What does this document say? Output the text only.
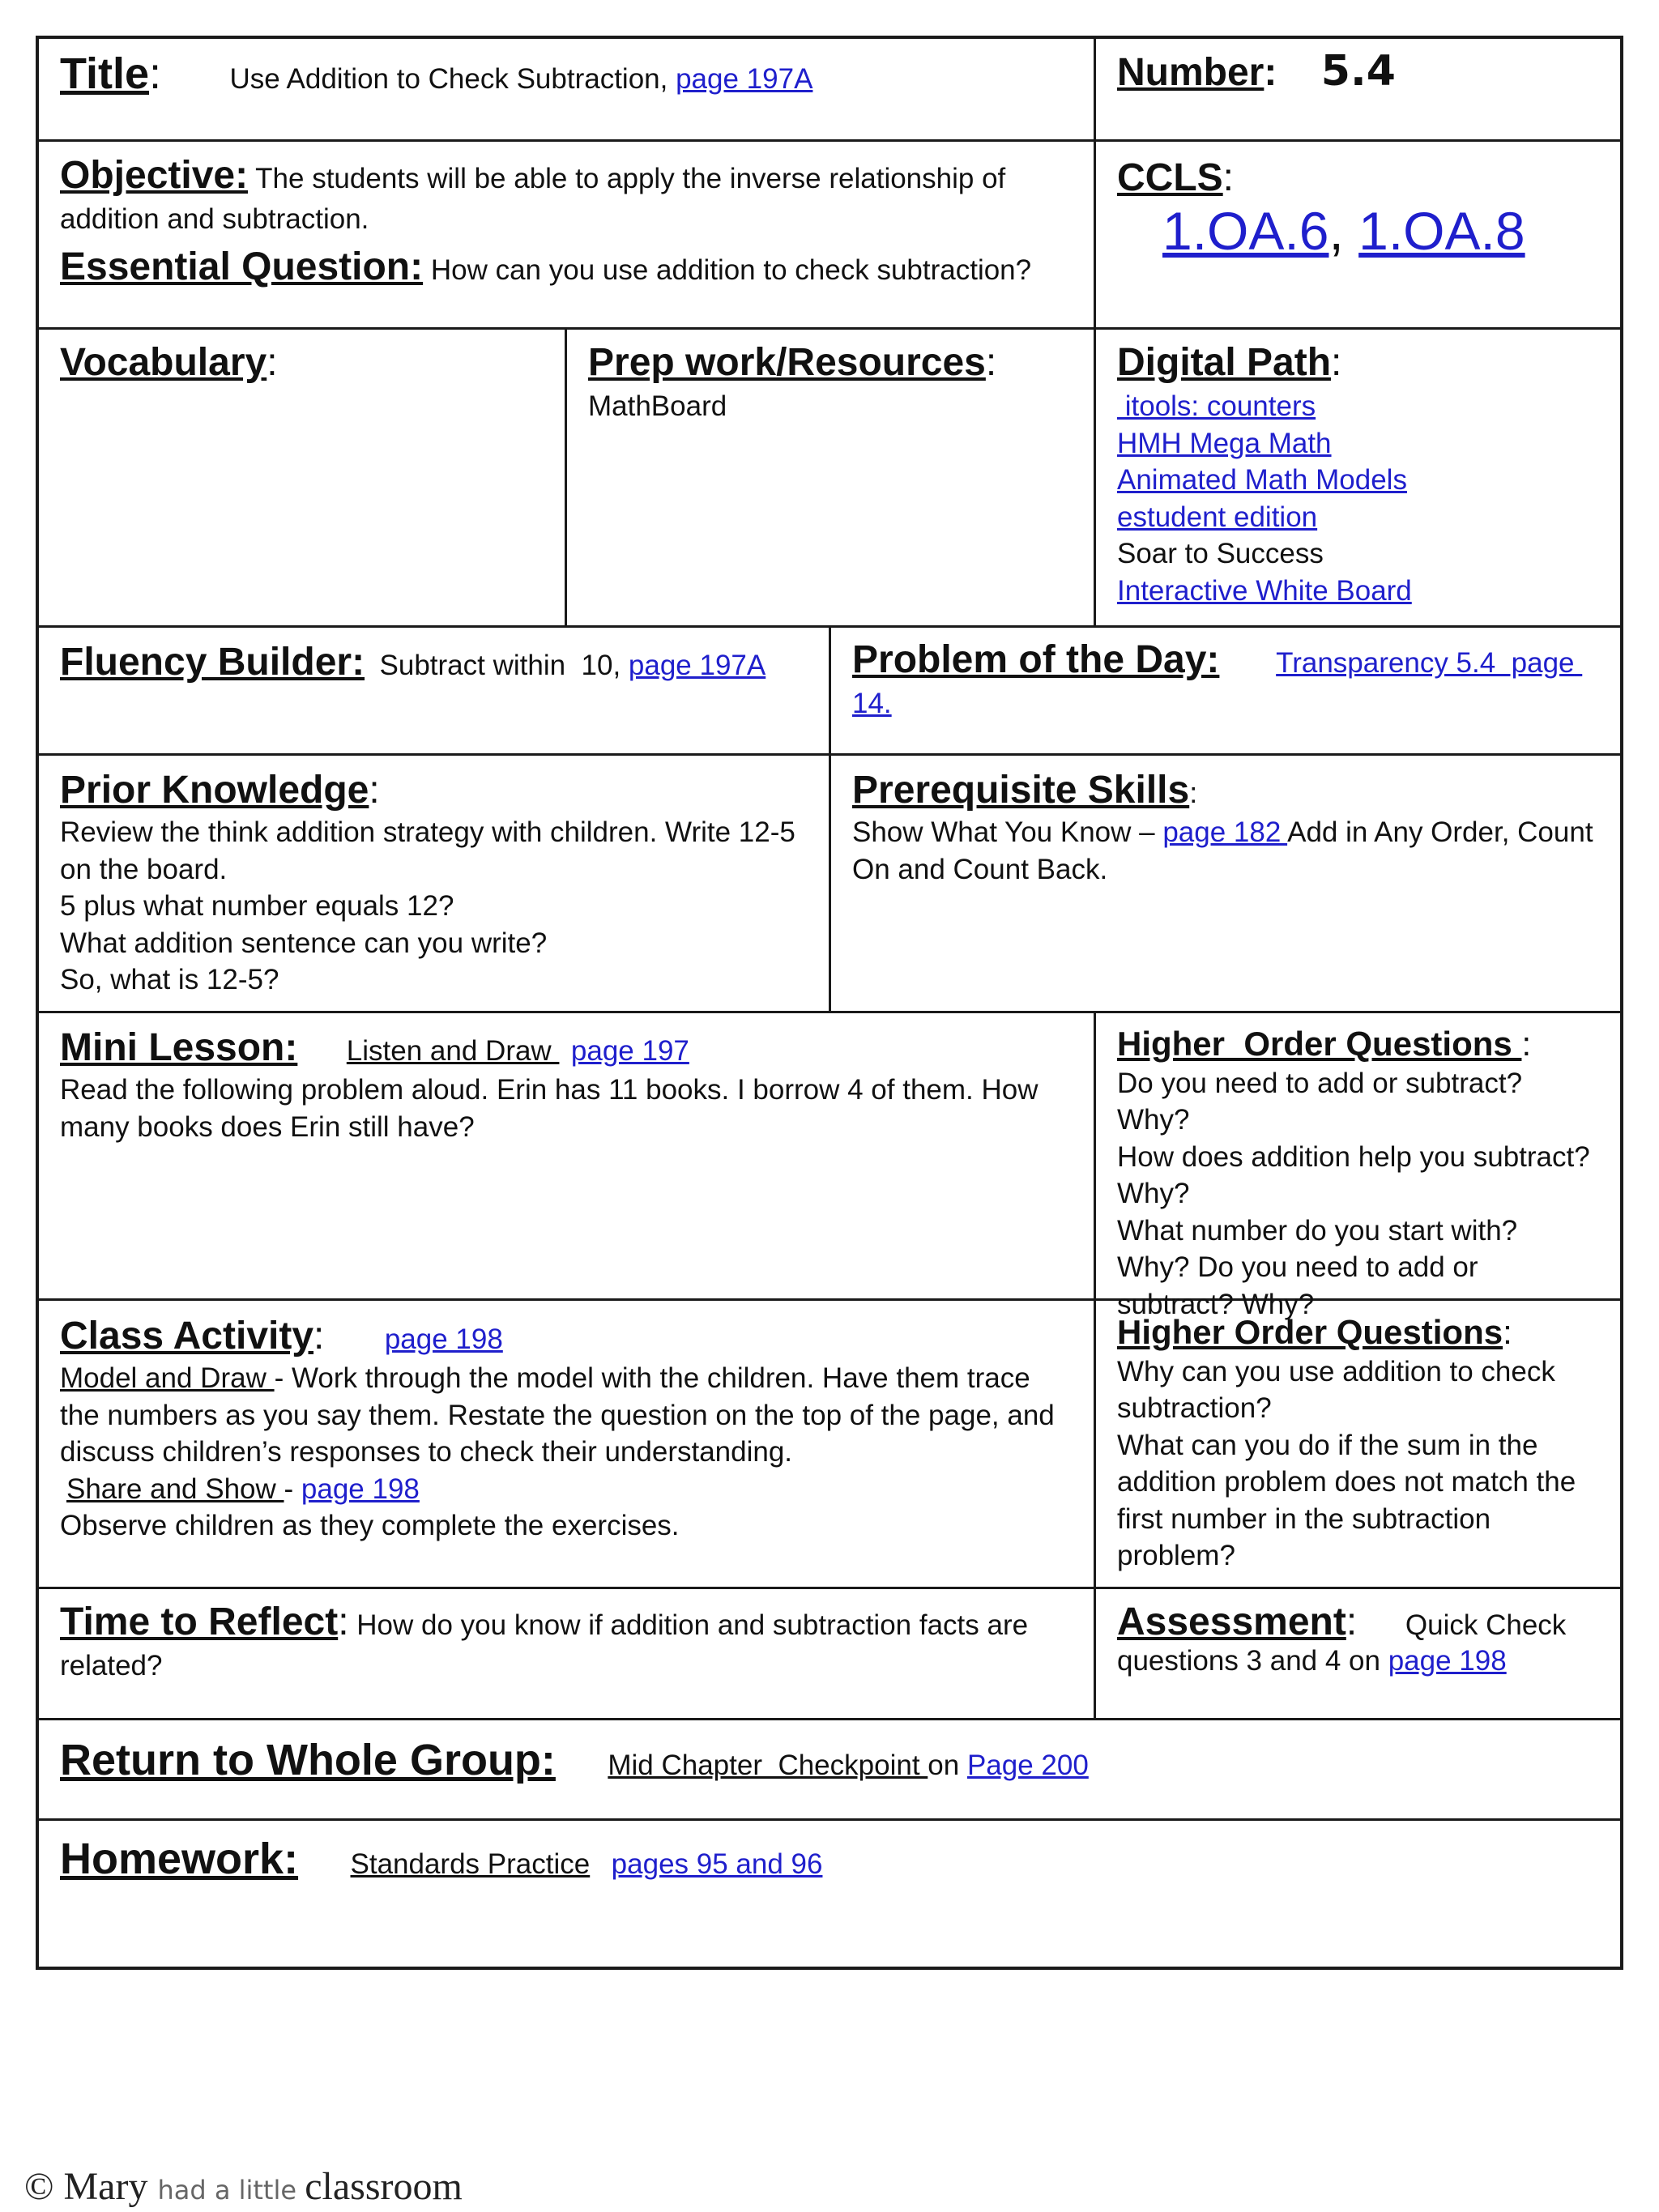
Title: Use Addition to Check Subtraction, page 197A	Number: 5.4
Objective: The students will be able to apply the inverse relationship of addition and subtraction.
Essential Question: How can you use addition to check subtraction?
CCLS: 1.OA.6, 1.OA.8
Vocabulary:	Prep work/Resources:
MathBoard
Digital Path:
itools: counters
HMH Mega Math
Animated Math Models
estudent edition
Soar to Success
Interactive White Board
Fluency Builder: Subtract within  10, page 197A	Problem of the Day: Transparency 5.4  page 14.
Prior Knowledge:
Review the think addition strategy with children. Write 12-5
on the board.
5 plus what number equals 12?
What addition sentence can you write?
So, what is 12-5?
Prerequisite Skills:
Show What You Know – page 182 Add in Any Order, Count On and Count Back.
Mini Lesson: Listen and Draw  page 197
Read the following problem aloud. Erin has 11 books. I borrow 4 of them. How many books does Erin still have?
Higher  Order Questions :
Do you need to add or subtract? Why?
How does addition help you subtract?
Why?
What number do you start with?
Why? Do you need to add or
subtract? Why?
Class Activity: page 198
Model and Draw - Work through the model with the children. Have them trace the numbers as you say them. Restate the question on the top of the page, and discuss children’s responses to check their understanding.
Share and Show - page 198
Observe children as they complete the exercises.
Higher Order Questions:
Why can you use addition to check
subtraction?
What can you do if the sum in the
addition problem does not match the
first number in the subtraction
problem?
Time to Reflect: How do you know if addition and subtraction facts are related?
Assessment: Quick Check
questions 3 and 4 on page 198
Return to Whole Group: Mid Chapter  Checkpoint on Page 200
Homework: Standards Practice pages 95 and 96
© Mary had a little classroom
